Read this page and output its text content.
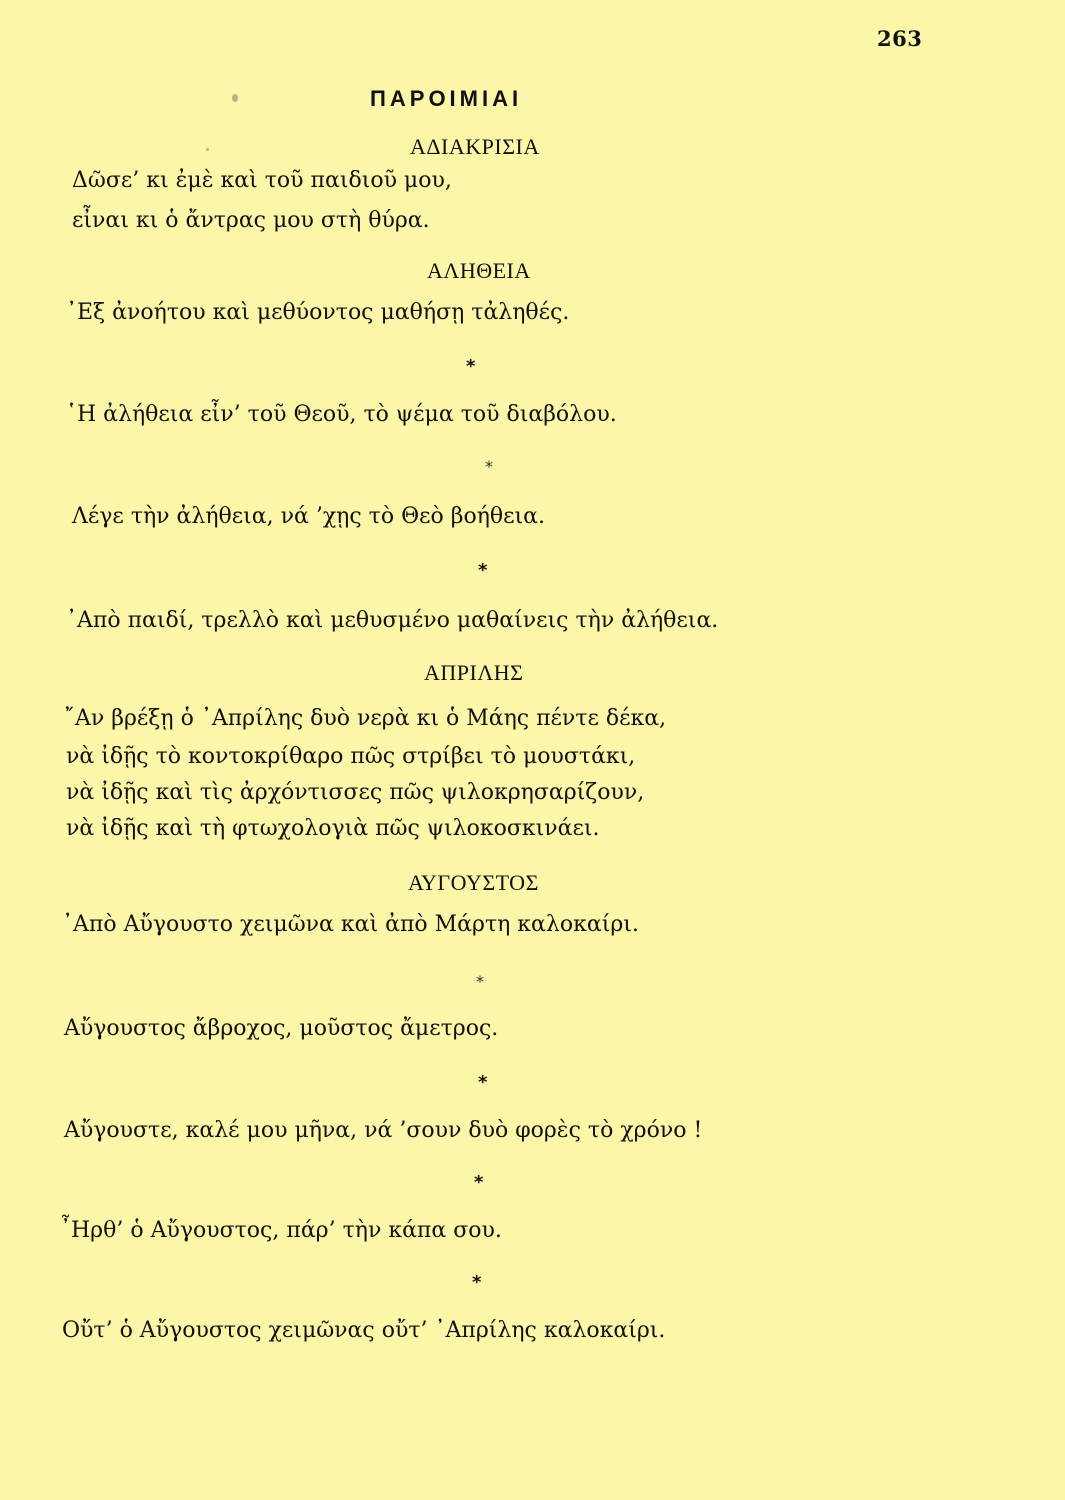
263
ΠΑΡΟΙΜΙΑΙ
ΑΔΙΑΚΡΙΣΙΑ
Δῶσε’ κι ἐμὲ καὶ τοῦ παιδιοῦ μου,
εἶναι κι ὁ ἄντρας μου στὴ θύρα.
ΑΛΗΘΕΙΑ
᾽Εξ ἀνοήτου καὶ μεθύοντος μαθήσῃ τἀληθές.
*
῾Η ἀλήθεια εἶν’ τοῦ Θεοῦ, τὸ ψέμα τοῦ διαβόλου.
*
Λέγε τὴν ἀλήθεια, νά ’χῃς τὸ Θεὸ βοήθεια.
*
᾽Απὸ παιδί, τρελλὸ καὶ μεθυσμένο μαθαίνεις τὴν ἀλήθεια.
ΑΠΡΙΛΗΣ
῎Αν βρέξῃ ὁ ᾽Απρίλης δυὸ νερὰ κι ὁ Μάης πέντε δέκα,
νὰ ἰδῇς τὸ κοντοκρίθαρο πῶς στρίβει τὸ μουστάκι,
νὰ ἰδῇς καὶ τὶς ἀρχόντισσες πῶς ψιλοκρησαρίζουν,
νὰ ἰδῇς καὶ τὴ φτωχολογιὰ πῶς ψιλοκοσκινάει.
ΑΥΓΟΥΣΤΟΣ
᾽Απὸ Αὔγουστο χειμῶνα καὶ ἀπὸ Μάρτη καλοκαίρι.
*
Αὔγουστος ἄβροχος, μοῦστος ἄμετρος.
*
Αὔγουστε, καλέ μου μῆνα, νά ’σουν δυὸ φορὲς τὸ χρόνο !
*
῏Ηρθ’ ὁ Αὔγουστος, πάρ’ τὴν κάπα σου.
*
Οὔτ’ ὁ Αὔγουστος χειμῶνας οὔτ’ ᾽Απρίλης καλοκαίρι.
